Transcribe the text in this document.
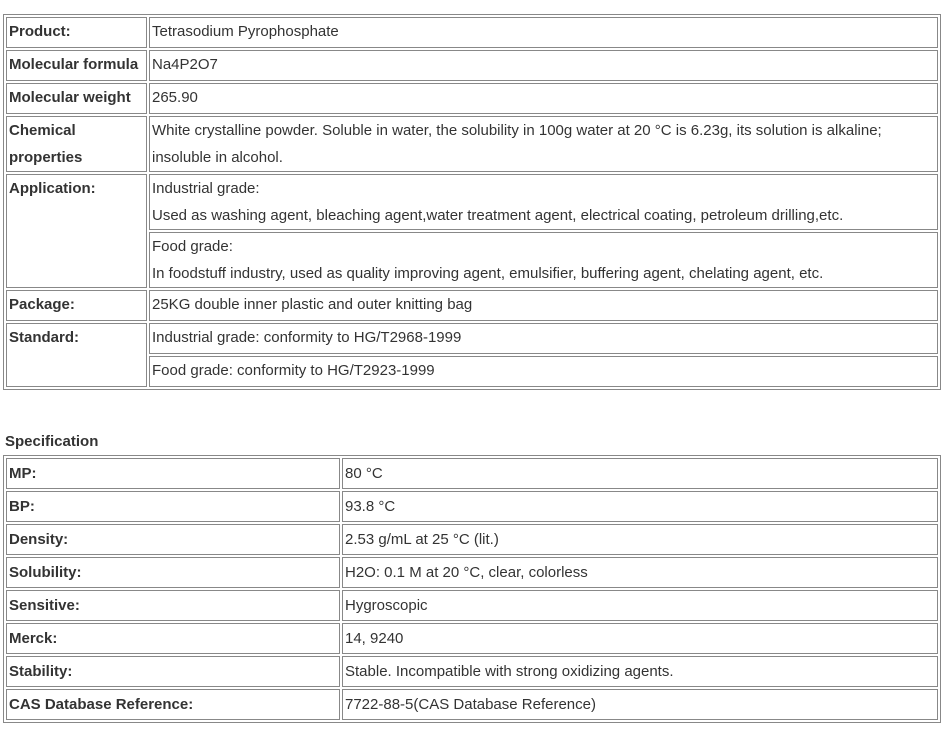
Product:	Tetrasodium Pyrophosphate
Molecular formula	Na4P2O7
Molecular weight	265.90
Chemical properties	White crystalline powder. Soluble in water, the solubility in 100g water at 20 °C is 6.23g, its solution is alkaline; insoluble in alcohol.
Application:	Industrial grade:
Used as washing agent, bleaching agent,water treatment agent, electrical coating, petroleum drilling,etc.

	Food grade:
In foodstuff industry, used as quality improving agent, emulsifier, buffering agent, chelating agent, etc.

Package:	25KG double inner plastic and outer knitting bag
Standard:	Industrial grade: conformity to HG/T2968-1999
	Food grade: conformity to HG/T2923-1999
Specification
MP:	80 °C
BP:	93.8 °C
Density:	2.53 g/mL at 25 °C (lit.)
Solubility:	H2O: 0.1 M at 20 °C, clear, colorless
Sensitive:	Hygroscopic
Merck:	14, 9240
Stability:	Stable. Incompatible with strong oxidizing agents.
CAS Database Reference:	7722-88-5(CAS Database Reference)
